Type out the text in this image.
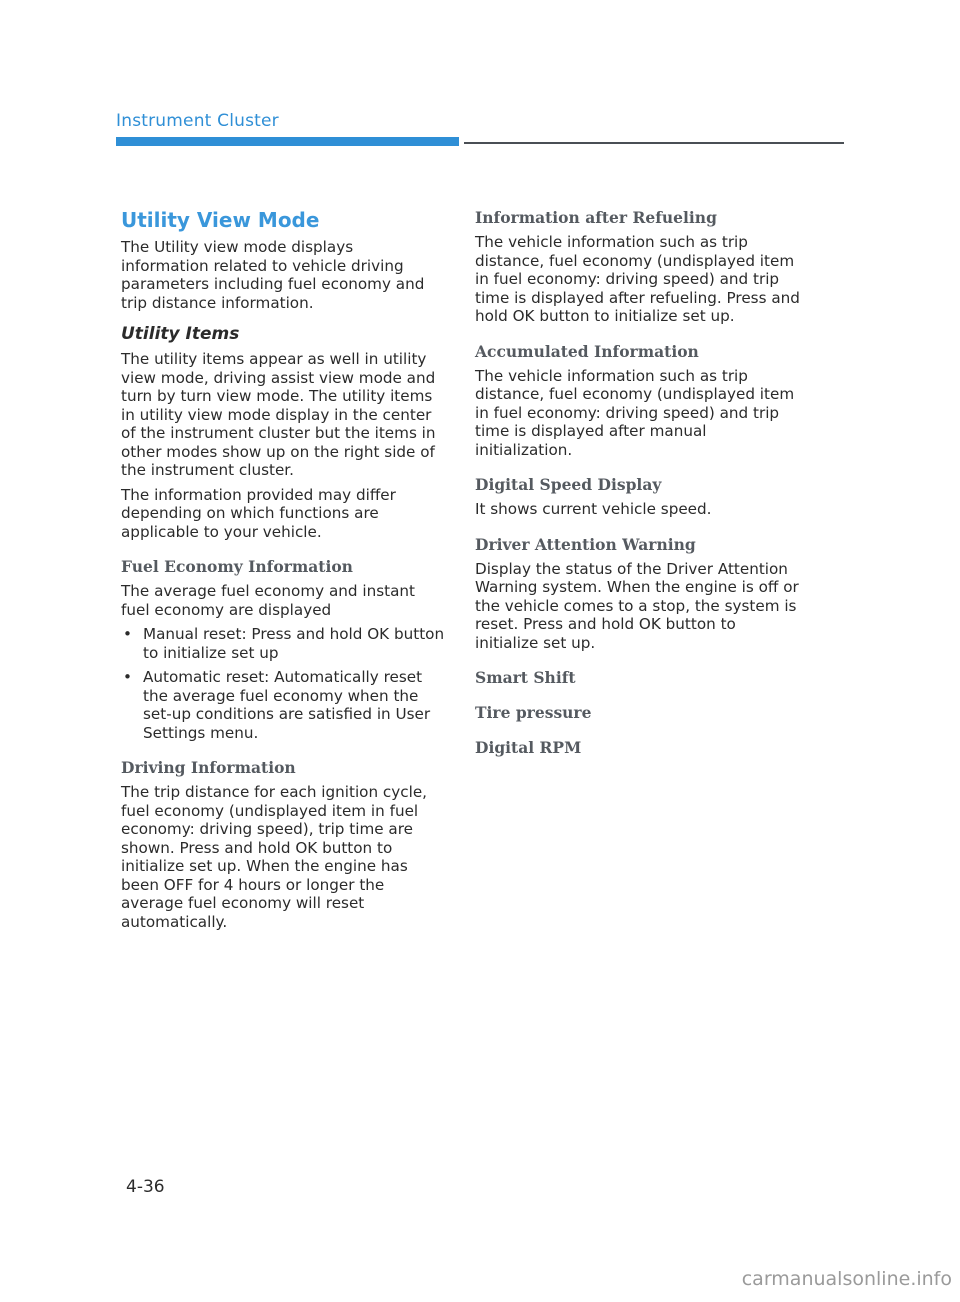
Instrument Cluster
Utility View Mode

The Utility view mode displays information related to vehicle driving parameters including fuel economy and trip distance information.

Utility Items

The utility items appear as well in utility view mode, driving assist view mode and turn by turn view mode. The utility items in utility view mode display in the center of the instrument cluster but the items in other modes show up on the right side of the instrument cluster.

The information provided may differ depending on which functions are applicable to your vehicle.

Fuel Economy Information

The average fuel economy and instant fuel economy are displayed

• Manual reset: Press and hold OK button to initialize set up
• Automatic reset: Automatically reset the average fuel economy when the set-up conditions are satisfied in User Settings menu.
Driving Information

The trip distance for each ignition cycle, fuel economy (undisplayed item in fuel economy: driving speed), trip time are shown. Press and hold OK button to initialize set up. When the engine has been OFF for 4 hours or longer the average fuel economy will reset automatically.

Information after Refueling

The vehicle information such as trip distance, fuel economy (undisplayed item in fuel economy: driving speed) and trip time is displayed after refueling. Press and hold OK button to initialize set up.

Accumulated Information

The vehicle information such as trip distance, fuel economy (undisplayed item in fuel economy: driving speed) and trip time is displayed after manual initialization.

Digital Speed Display

It shows current vehicle speed.

Driver Attention Warning

Display the status of the Driver Attention Warning system. When the engine is off or the vehicle comes to a stop, the system is reset. Press and hold OK button to initialize set up.

Smart Shift
Tire pressure
Digital RPM
4-36
carmanualsonline.info
